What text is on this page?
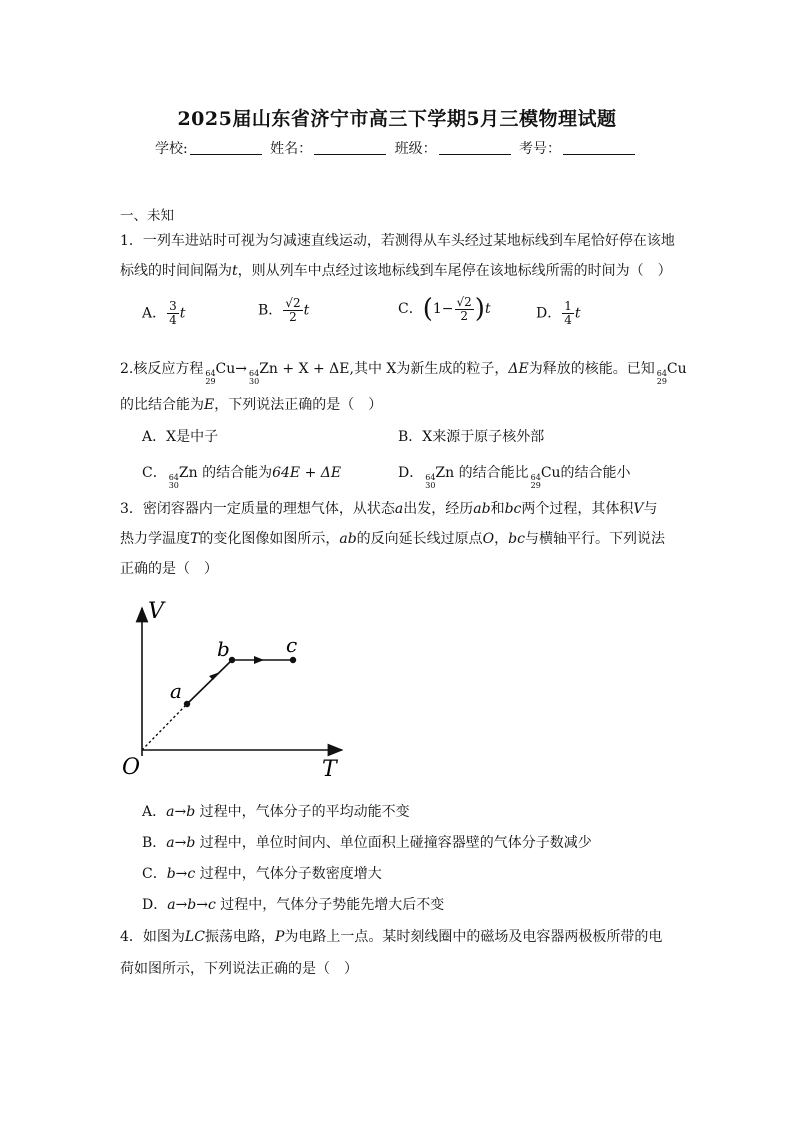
2025届山东省济宁市高三下学期5月三模物理试题
学校:	姓名：	班级：	考号：
一、未知
1．一列车进站时可视为匀减速直线运动，若测得从车头经过某地标线到车尾恰好停在该地
标线的时间间隔为t，则从列车中点经过该地标线到车尾停在该地标线所需的时间为（　）
A． $\frac{3}{4}$ t	B． $\frac{√2}{2}$ t	C．$(1- \frac{√2}{2} )t$	D． $\frac{1}{4}$ t
2.核反应方程 64
29
Cu→ 64
30
Zn + X + ΔE,其中 X为新生成的粒子，ΔE为释放的核能。已知 64
29
Cu
的比结合能为E，下列说法正确的是（　）
A．X是中子	B．X来源于原子核外部
C． 64
30
Zn 的结合能为64E + ΔE	D． 64
30
Zn 的结合能比 64
29
Cu的结合能小
3．密闭容器内一定质量的理想气体，从状态a出发，经历ab和bc两个过程，其体积V与
热力学温度T的变化图像如图所示，ab的反向延长线过原点O，bc与横轴平行。下列说法
正确的是（　）
V
T
O
a
b	c
A．a→b 过程中，气体分子的平均动能不变
B．a→b 过程中，单位时间内、单位面积上碰撞容器壁的气体分子数减少
C．b→c 过程中，气体分子数密度增大
D．a→b→c 过程中，气体分子势能先增大后不变
4．如图为LC振荡电路，P为电路上一点。某时刻线圈中的磁场及电容器两极板所带的电
荷如图所示，下列说法正确的是（　）
